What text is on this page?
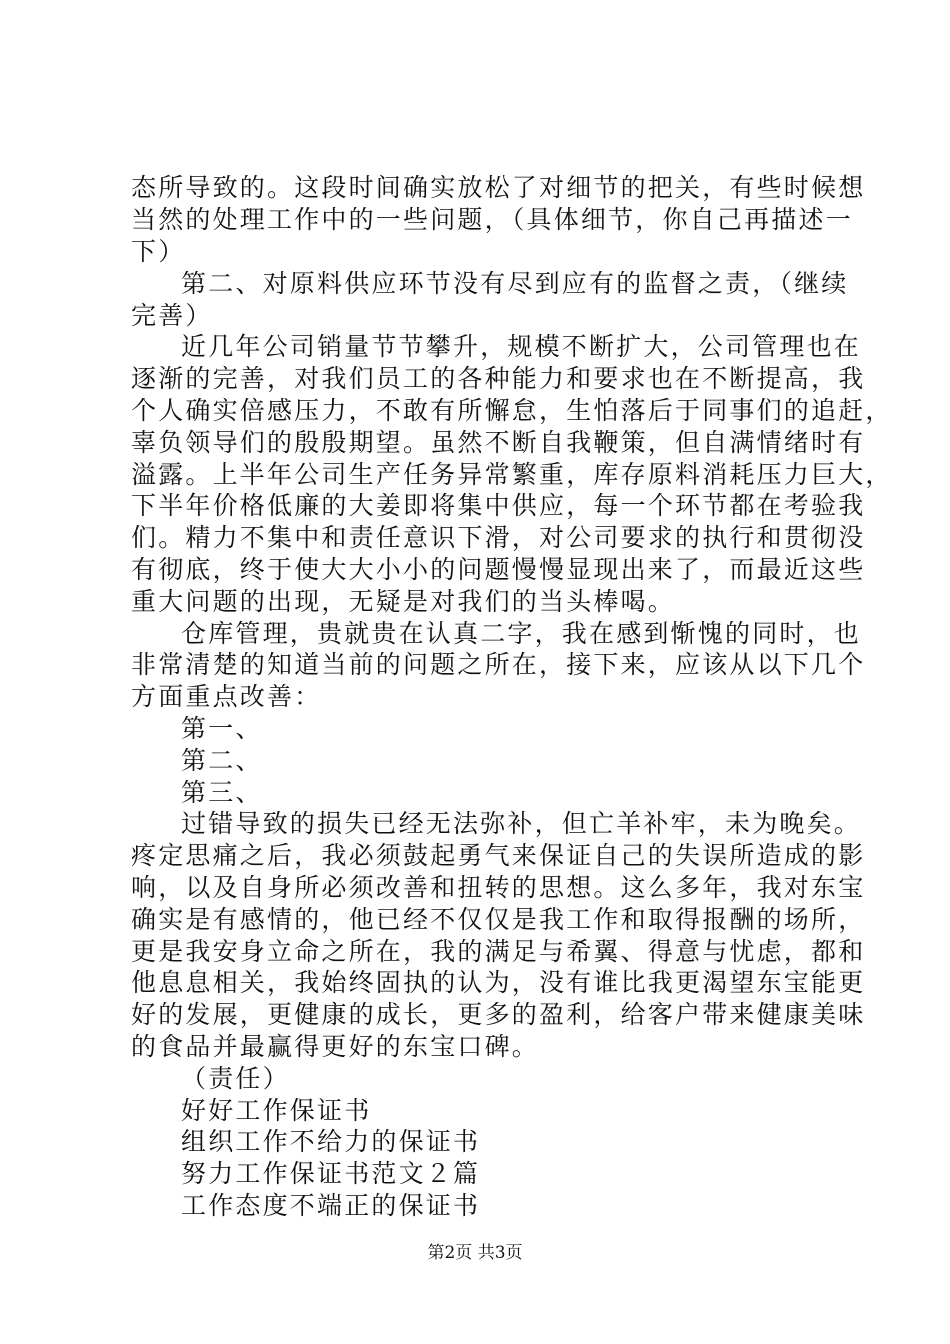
态所导致的。这段时间确实放松了对细节的把关，有些时候想
当然的处理工作中的一些问题，（具体细节，你自己再描述一
下）
第二、对原料供应环节没有尽到应有的监督之责，（继续
完善）
近几年公司销量节节攀升，规模不断扩大，公司管理也在
逐渐的完善，对我们员工的各种能力和要求也在不断提高，我
个人确实倍感压力，不敢有所懈怠，生怕落后于同事们的追赶，
辜负领导们的殷殷期望。虽然不断自我鞭策，但自满情绪时有
溢露。上半年公司生产任务异常繁重，库存原料消耗压力巨大，
下半年价格低廉的大姜即将集中供应，每一个环节都在考验我
们。精力不集中和责任意识下滑，对公司要求的执行和贯彻没
有彻底，终于使大大小小的问题慢慢显现出来了，而最近这些
重大问题的出现，无疑是对我们的当头棒喝。
仓库管理，贵就贵在认真二字，我在感到惭愧的同时，也
非常清楚的知道当前的问题之所在，接下来，应该从以下几个
方面重点改善：
第一、
第二、
第三、
过错导致的损失已经无法弥补，但亡羊补牢，未为晚矣。
疼定思痛之后，我必须鼓起勇气来保证自己的失误所造成的影
响，以及自身所必须改善和扭转的思想。这么多年，我对东宝
确实是有感情的，他已经不仅仅是我工作和取得报酬的场所，
更是我安身立命之所在，我的满足与希翼、得意与忧虑，都和
他息息相关，我始终固执的认为，没有谁比我更渴望东宝能更
好的发展，更健康的成长，更多的盈利，给客户带来健康美味
的食品并最赢得更好的东宝口碑。
（责任）
好好工作保证书
组织工作不给力的保证书
努力工作保证书范文２篇
工作态度不端正的保证书
第2页 共3页
